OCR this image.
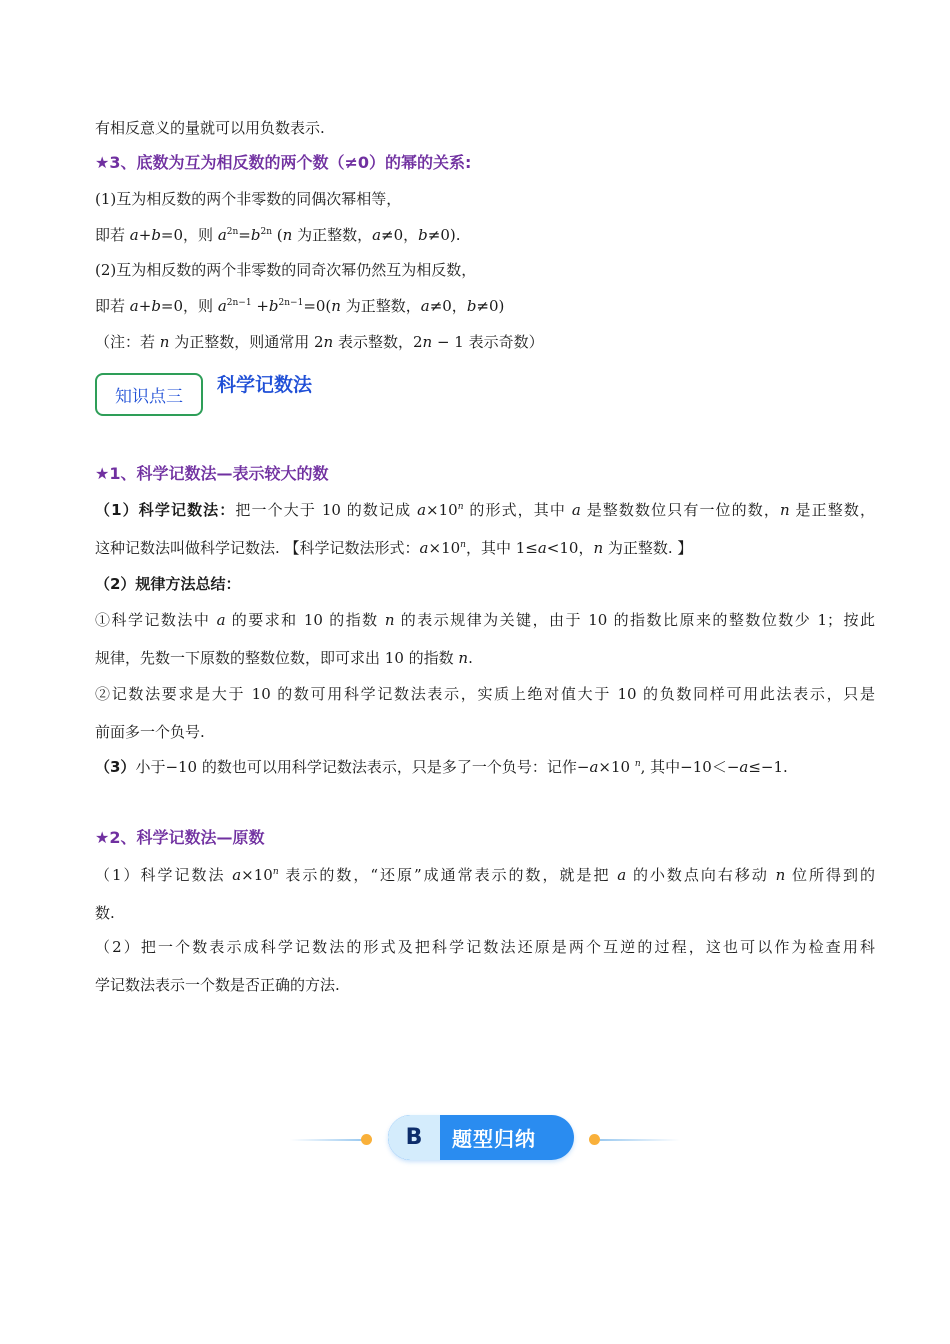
有相反意义的量就可以用负数表示.
★3、底数为互为相反数的两个数（≠0）的幂的关系:
(1)互为相反数的两个非零数的同偶次幂相等，
即若 a+b=0，则 $a^{2n}=b^{2n}$ (n 为正整数，a≠0，b≠0).
(2)互为相反数的两个非零数的同奇次幂仍然互为相反数，
即若 a+b=0，则 $a^{2n-1} +b^{2n-1}=0(n$ 为正整数，a≠0，b≠0)
（注：若 n 为正整数，则通常用 2n 表示整数，2n − 1 表示奇数）
知识点三
科学记数法
★1、科学记数法—表示较大的数
（1）科学记数法：把一个大于 10 的数记成 $a\times 10^n$ 的形式，其中 a 是整数数位只有一位的数，n 是正整数，
这种记数法叫做科学记数法. 【科学记数法形式：$a\times 10^n$，其中 1≤a<10，n 为正整数. 】
（2）规律方法总结：
①科学记数法中 a 的要求和 10 的指数 n 的表示规律为关键，由于 10 的指数比原来的整数位数少 1；按此
规律，先数一下原数的整数位数，即可求出 10 的指数 n.
②记数法要求是大于 10 的数可用科学记数法表示，实质上绝对值大于 10 的负数同样可用此法表示，只是
前面多一个负号.
（3）小于−10 的数也可以用科学记数法表示，只是多了一个负号：记作−a×10 $^n$, 其中−10＜−a≤−1.
★2、科学记数法—原数
（1）科学记数法 $a\times 10^n$ 表示的数，“还原”成通常表示的数，就是把 a 的小数点向右移动 n 位所得到的
数.
（2）把一个数表示成科学记数法的形式及把科学记数法还原是两个互逆的过程，这也可以作为检查用科
学记数法表示一个数是否正确的方法.
B	题型归纳
